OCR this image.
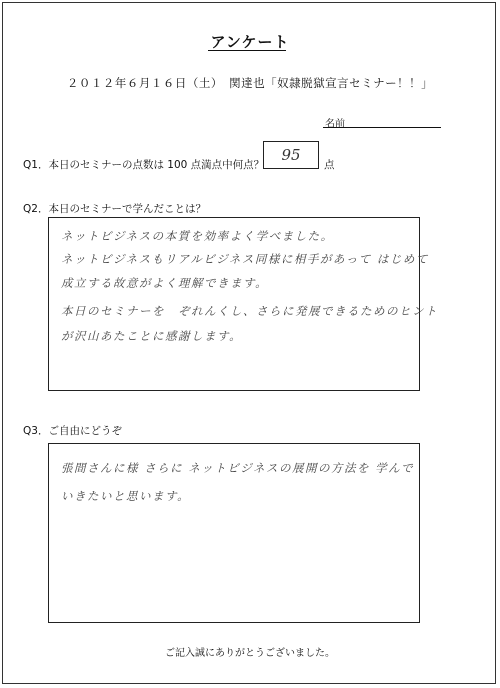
アンケート
２０１２年６月１６日（土）　関達也「奴隷脱獄宣言セミナー！！」
名前
Q1．本日のセミナーの点数は 100 点満点中何点？
95
点
Q2．本日のセミナーで学んだことは？
ネットビジネスの本質を効率よく学べました。
ネットビジネスもリアルビジネス同様に相手があって はじめて
成立する故意がよく理解できます。
本日のセミナーを　ぞれんくし、さらに発展できるためのヒント
が沢山あたことに感謝します。
Q3．ご自由にどうぞ
張間さんに様 さらに ネットビジネスの展開の方法を 学んで
いきたいと思います。
ご記入誠にありがとうございました。
